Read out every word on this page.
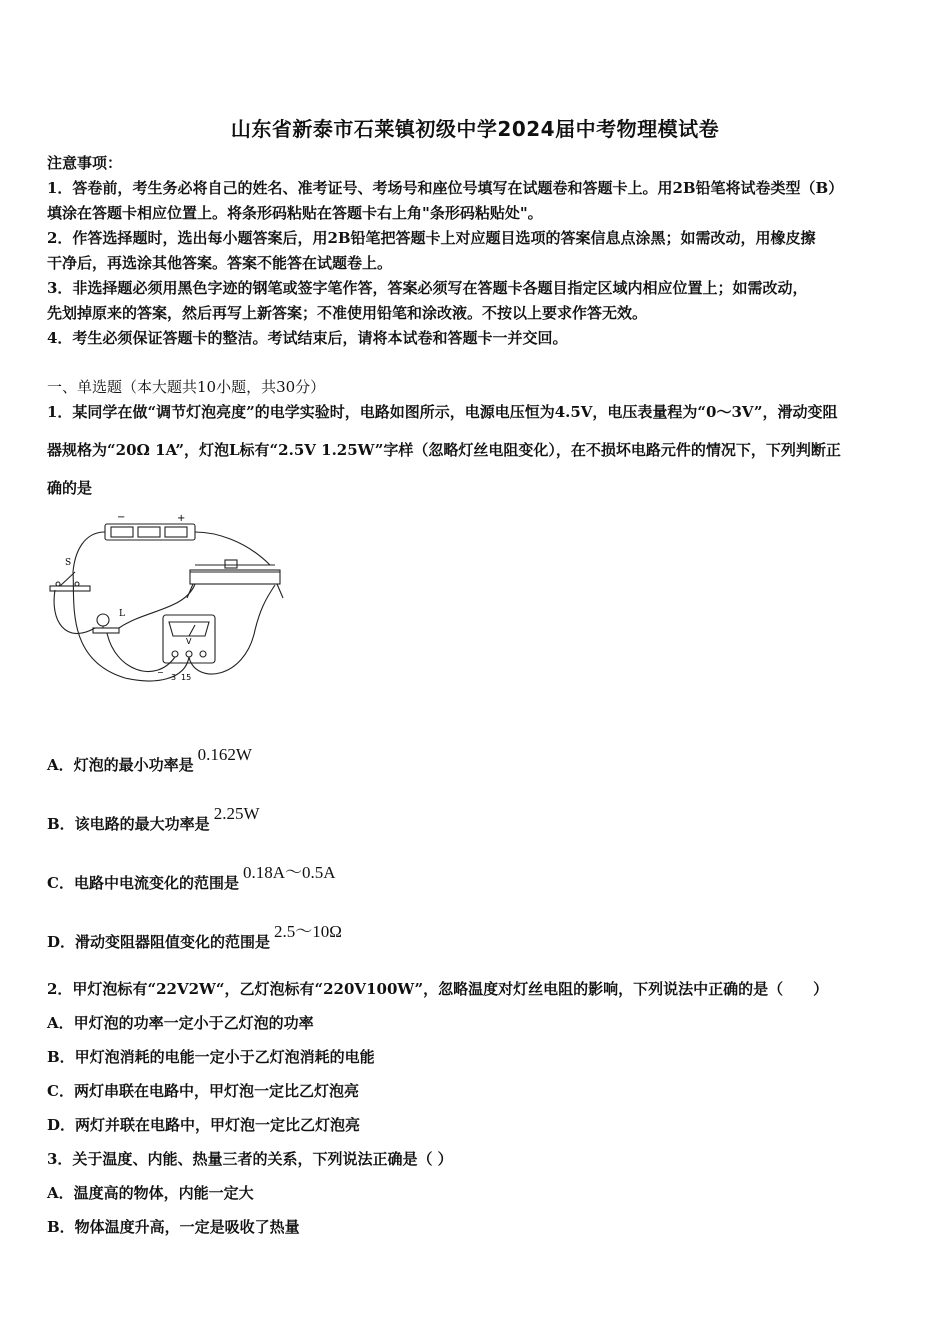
山东省新泰市石莱镇初级中学2024届中考物理模试卷
注意事项：
1．答卷前，考生务必将自己的姓名、准考证号、考场号和座位号填写在试题卷和答题卡上。用2B铅笔将试卷类型（B）
填涂在答题卡相应位置上。将条形码粘贴在答题卡右上角"条形码粘贴处"。
2．作答选择题时，选出每小题答案后，用2B铅笔把答题卡上对应题目选项的答案信息点涂黑；如需改动，用橡皮擦
干净后，再选涂其他答案。答案不能答在试题卷上。
3．非选择题必须用黑色字迹的钢笔或签字笔作答，答案必须写在答题卡各题目指定区域内相应位置上；如需改动，
先划掉原来的答案，然后再写上新答案；不准使用铅笔和涂改液。不按以上要求作答无效。
4．考生必须保证答题卡的整洁。考试结束后，请将本试卷和答题卡一并交回。
一、单选题（本大题共10小题，共30分）
1．某同学在做“调节灯泡亮度”的电学实验时，电路如图所示，电源电压恒为4.5V，电压表量程为“0～3V”，滑动变阻
器规格为“20Ω 1A”，灯泡L标有“2.5V 1.25W”字样（忽略灯丝电阻变化），在不损坏电路元件的情况下，下列判断正
确的是
−	+
S
L
V
−
3 15
A．灯泡的最小功率是0.162W
B．该电路的最大功率是2.25W
C．电路中电流变化的范围是0.18A～0.5A
D．滑动变阻器阻值变化的范围是2.5～10Ω
2．甲灯泡标有“22V2W“，乙灯泡标有“220V100W”，忽略温度对灯丝电阻的影响，下列说法中正确的是（　　）
A．甲灯泡的功率一定小于乙灯泡的功率
B．甲灯泡消耗的电能一定小于乙灯泡消耗的电能
C．两灯串联在电路中，甲灯泡一定比乙灯泡亮
D．两灯并联在电路中，甲灯泡一定比乙灯泡亮
3．关于温度、内能、热量三者的关系，下列说法正确是（ ）
A．温度高的物体，内能一定大
B．物体温度升高，一定是吸收了热量
